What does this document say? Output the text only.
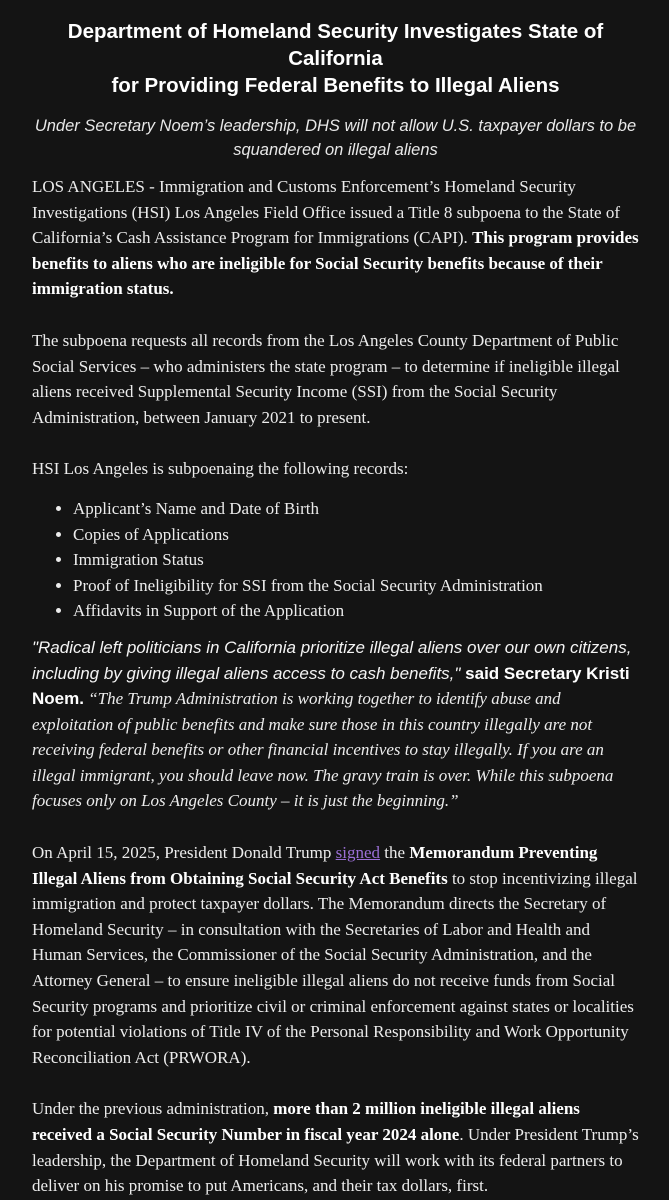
Department of Homeland Security Investigates State of California
for Providing Federal Benefits to Illegal Aliens
Under Secretary Noem’s leadership, DHS will not allow U.S. taxpayer dollars to be
squandered on illegal aliens

LOS ANGELES - Immigration and Customs Enforcement’s Homeland Security Investigations (HSI) Los Angeles Field Office issued a Title 8 subpoena to the State of California’s Cash Assistance Program for Immigrations (CAPI). This program provides benefits to aliens who are ineligible for Social Security benefits because of their immigration status.

The subpoena requests all records from the Los Angeles County Department of Public Social Services – who administers the state program – to determine if ineligible illegal aliens received Supplemental Security Income (SSI) from the Social Security Administration, between January 2021 to present.

HSI Los Angeles is subpoenaing the following records:

• Applicant’s Name and Date of Birth
• Copies of Applications
• Immigration Status
• Proof of Ineligibility for SSI from the Social Security Administration
• Affidavits in Support of the Application

"Radical left politicians in California prioritize illegal aliens over our own citizens, including by giving illegal aliens access to cash benefits," said Secretary Kristi Noem. “The Trump Administration is working together to identify abuse and exploitation of public benefits and make sure those in this country illegally are not receiving federal benefits or other financial incentives to stay illegally. If you are an illegal immigrant, you should leave now. The gravy train is over. While this subpoena focuses only on Los Angeles County – it is just the beginning.”

On April 15, 2025, President Donald Trump signed the Memorandum Preventing Illegal Aliens from Obtaining Social Security Act Benefits to stop incentivizing illegal immigration and protect taxpayer dollars. The Memorandum directs the Secretary of Homeland Security – in consultation with the Secretaries of Labor and Health and Human Services, the Commissioner of the Social Security Administration, and the Attorney General – to ensure ineligible illegal aliens do not receive funds from Social Security programs and prioritize civil or criminal enforcement against states or localities for potential violations of Title IV of the Personal Responsibility and Work Opportunity Reconciliation Act (PRWORA).

Under the previous administration, more than 2 million ineligible illegal aliens received a Social Security Number in fiscal year 2024 alone. Under President Trump’s leadership, the Department of Homeland Security will work with its federal partners to deliver on his promise to put Americans, and their tax dollars, first.
